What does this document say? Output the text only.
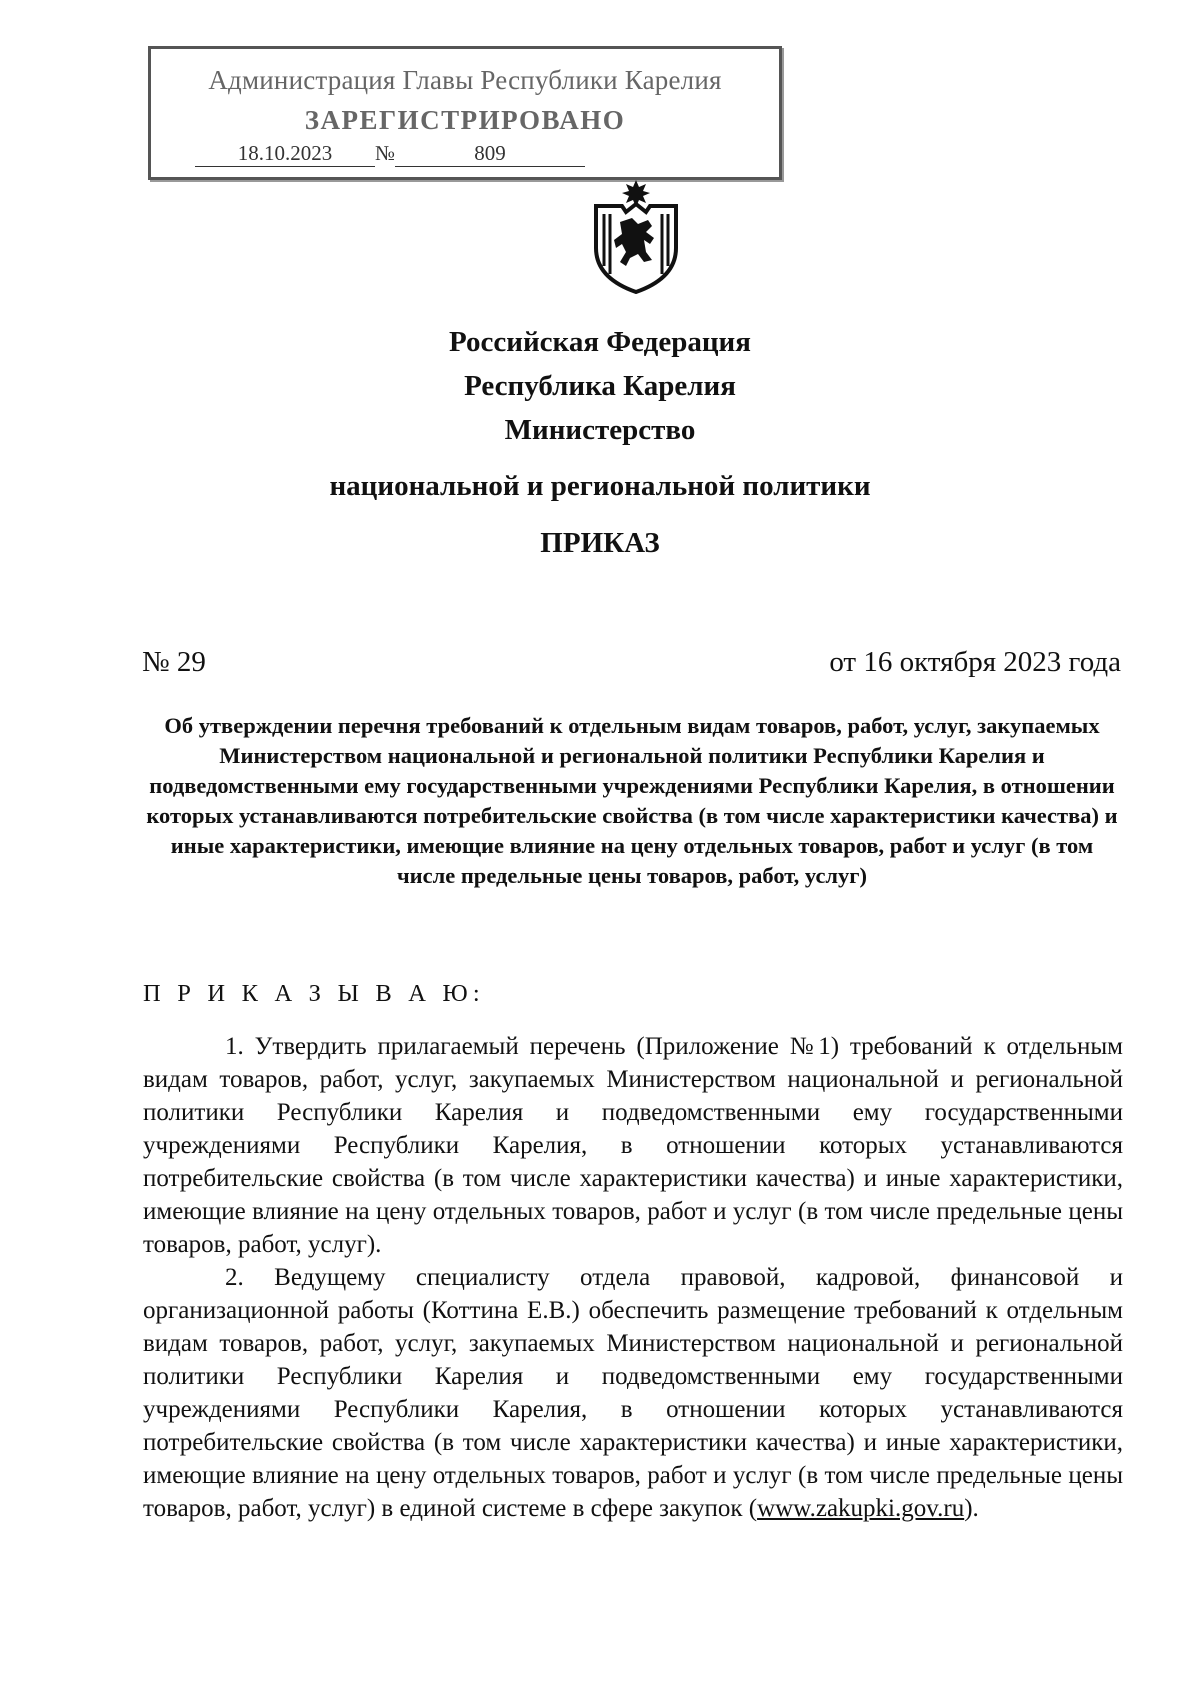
Администрация Главы Республики Карелия
ЗАРЕГИСТРИРОВАНО
18.10.2023 №	809
Российская Федерация
Республика Карелия
Министерство
национальной и региональной политики
ПРИКАЗ
№ 29	от 16 октября 2023 года
Об утверждении перечня требований к отдельным видам товаров, работ, услуг, закупаемых Министерством национальной и региональной политики Республики Карелия и подведомственными ему государственными учреждениями Республики Карелия, в отношении которых устанавливаются потребительские свойства (в том числе характеристики качества) и иные характеристики, имеющие влияние на цену отдельных товаров, работ и услуг (в том числе предельные цены товаров, работ, услуг)
П Р И К А З Ы В А Ю:

1. Утвердить прилагаемый перечень (Приложение №1) требований к отдельным видам товаров, работ, услуг, закупаемых Министерством национальной и региональной политики Республики Карелия и подведомственными ему государственными учреждениями Республики Карелия, в отношении которых устанавливаются потребительские свойства (в том числе характеристики качества) и иные характеристики, имеющие влияние на цену отдельных товаров, работ и услуг (в том числе предельные цены товаров, работ, услуг).

2. Ведущему специалисту отдела правовой, кадровой, финансовой и организационной работы (Коттина Е.В.) обеспечить размещение требований к отдельным видам товаров, работ, услуг, закупаемых Министерством национальной и региональной политики Республики Карелия и подведомственными ему государственными учреждениями Республики Карелия, в отношении которых устанавливаются потребительские свойства (в том числе характеристики качества) и иные характеристики, имеющие влияние на цену отдельных товаров, работ и услуг (в том числе предельные цены товаров, работ, услуг) в единой системе в сфере закупок (www.zakupki.gov.ru).
